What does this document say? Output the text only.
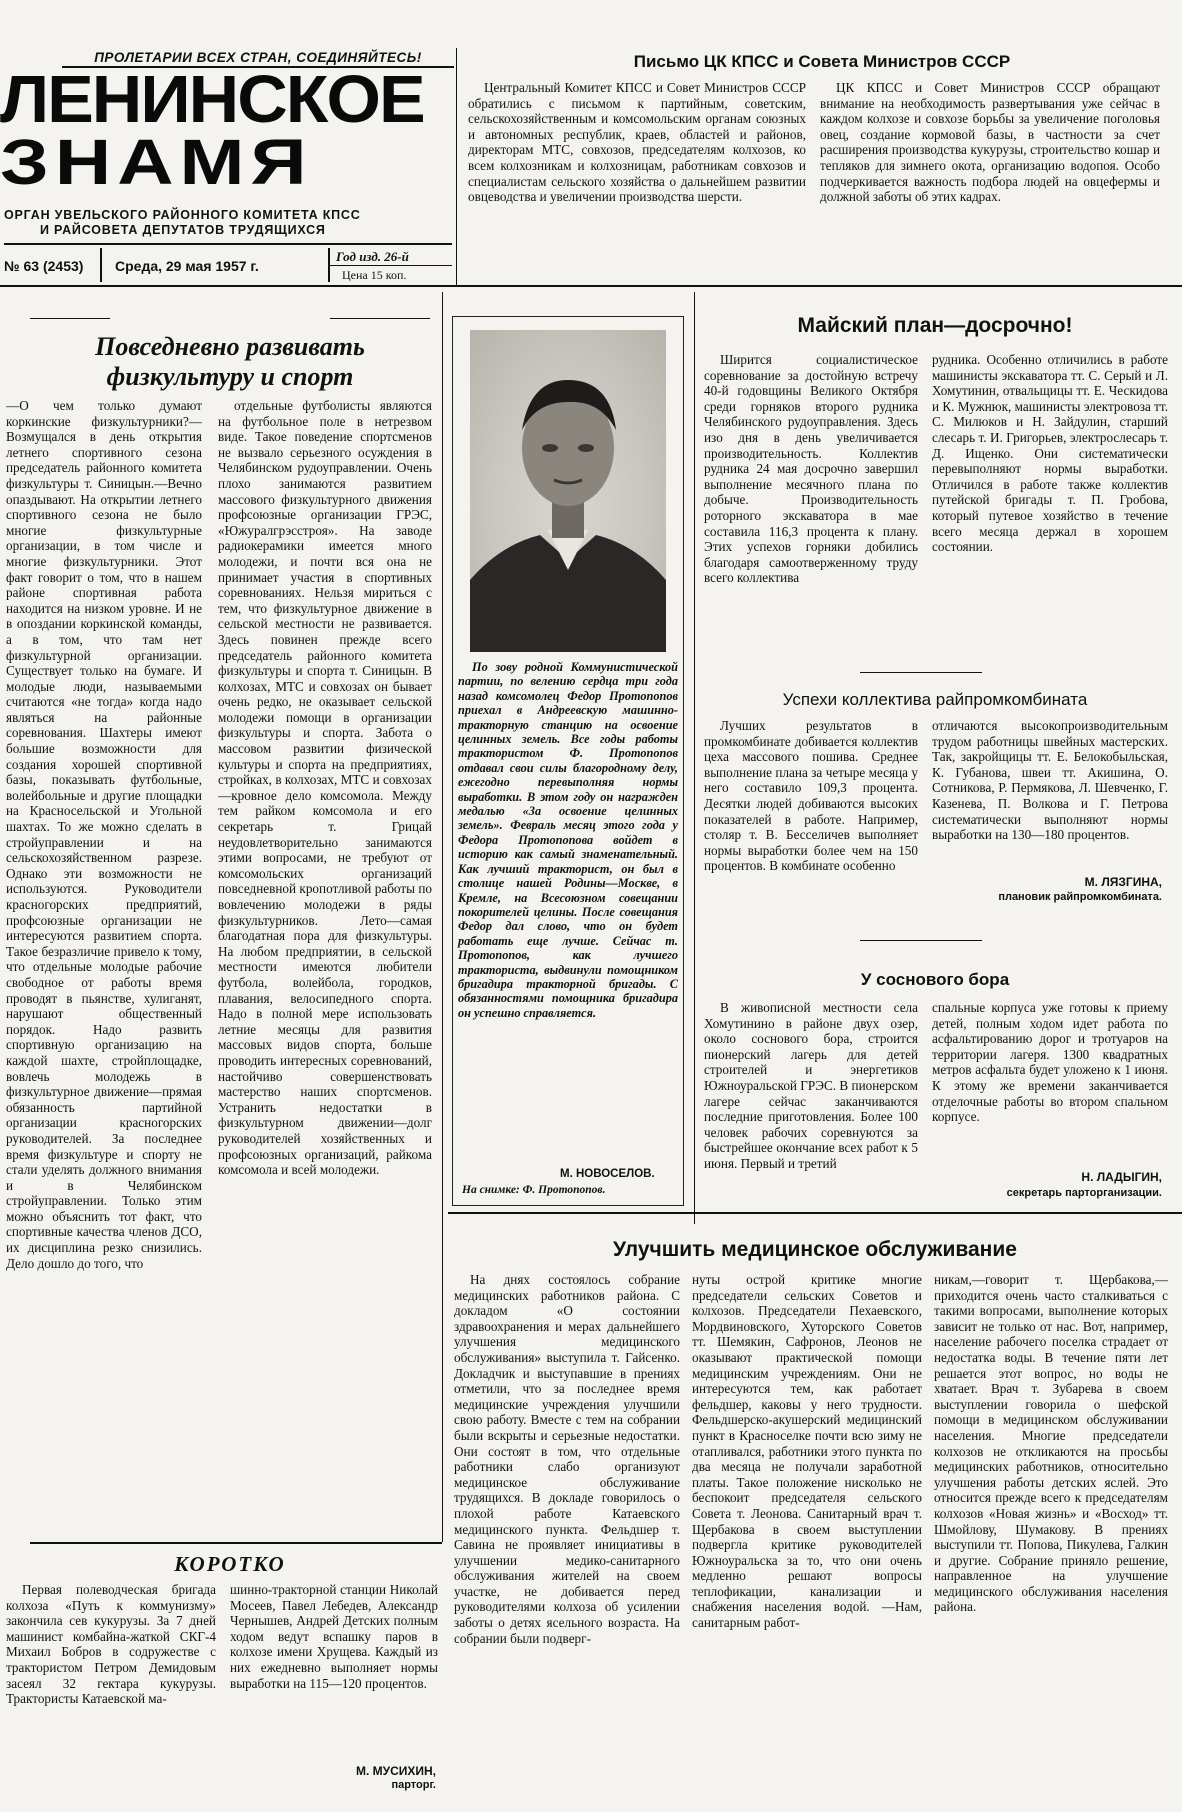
ПРОЛЕТАРИИ ВСЕХ СТРАН, СОЕДИНЯЙТЕСЬ!
ЛЕНИНСКОЕ
ЗНАМЯ
ОРГАН УВЕЛЬСКОГО РАЙОННОГО КОМИТЕТА КПСС
И РАЙСОВЕТА ДЕПУТАТОВ ТРУДЯЩИХСЯ
№ 63 (2453) Среда, 29 мая 1957 г.
Год изд. 26-й
Цена 15 коп.
Письмо ЦК КПСС и Совета Министров СССР
Центральный Комитет КПСС и Совет Министров СССР обратились с письмом к партийным, советским, сельскохозяйственным и комсомольским органам союзных и автономных республик, краев, областей и районов, директорам МТС, совхозов, председателям колхозов, ко всем колхозникам и колхозницам, работникам совхозов и специалистам сельского хозяйства о дальнейшем развитии овцеводства и увеличении производства шерсти.
ЦК КПСС и Совет Министров СССР обращают внимание на необходимость развертывания уже сейчас в каждом колхозе и совхозе борьбы за увеличение поголовья овец, создание кормовой базы, в частности за счет расширения производства кукурузы, строительство кошар и тепляков для зимнего окота, организацию водопоя. Особо подчеркивается важность подбора людей на овцефермы и должной заботы об этих кадрах.
Повседневно развивать
физкультуру и спорт
—О чем только думают коркинские физкультурники?—Возмущался в день открытия летнего спортивного сезона председатель районного комитета физкультуры т. Синицын.—Вечно опаздывают. На открытии летнего спортивного сезона не было многие физкультурные организации, в том числе и многие физкультурники. Этот факт говорит о том, что в нашем районе спортивная работа находится на низком уровне. И не в опоздании коркинской команды, а в том, что там нет физкультурной организации. Существует только на бумаге. И молодые люди, называемыми считаются «не тогда» когда надо являться на районные соревнования. Шахтеры имеют большие возможности для создания хорошей спортивной базы, показывать футбольные, волейбольные и другие площадки на Красносельской и Угольной шахтах. То же можно сделать в стройуправлении и на сельскохозяйственном разрезе. Однако эти возможности не используются. Руководители красногорских предприятий, профсоюзные организации не интересуются развитием спорта. Такое безразличие привело к тому, что отдельные молодые рабочие свободное от работы время проводят в пьянстве, хулиганят, нарушают общественный порядок. Надо развить спортивную организацию на каждой шахте, стройплощадке, вовлечь молодежь в физкультурное движение—прямая обязанность партийной организации красногорских руководителей. За последнее время физкультуре и спорту не стали уделять должного внимания и в Челябинском стройуправлении. Только этим можно объяснить тот факт, что спортивные качества членов ДСО, их дисциплина резко снизились. Дело дошло до того, что
отдельные футболисты являются на футбольное поле в нетрезвом виде. Такое поведение спортсменов не вызвало серьезного осуждения в Челябинском рудоуправлении. Очень плохо занимаются развитием массового физкультурного движения профсоюзные организации ГРЭС, «Южуралгрэсстроя». На заводе радиокерамики имеется много молодежи, и почти вся она не принимает участия в спортивных соревнованиях. Нельзя мириться с тем, что физкультурное движение в сельской местности не развивается. Здесь повинен прежде всего председатель районного комитета физкультуры и спорта т. Синицын. В колхозах, МТС и совхозах он бывает очень редко, не оказывает сельской молодежи помощи в организации физкультуры и спорта. Забота о массовом развитии физической культуры и спорта на предприятиях, стройках, в колхозах, МТС и совхозах—кровное дело комсомола. Между тем райком комсомола и его секретарь т. Грицай неудовлетворительно занимаются этими вопросами, не требуют от комсомольских организаций повседневной кропотливой работы по вовлечению молодежи в ряды физкультурников. Лето—самая благодатная пора для физкультуры. На любом предприятии, в сельской местности имеются любители футбола, волейбола, городков, плавания, велосипедного спорта. Надо в полной мере использовать летние месяцы для развития массовых видов спорта, больше проводить интересных соревнований, настойчиво совершенствовать мастерство наших спортсменов. Устранить недостатки в физкультурном движении—долг руководителей хозяйственных и профсоюзных организаций, райкома комсомола и всей молодежи.
По зову родной Коммунистической партии, по велению сердца три года назад комсомолец Федор Протопопов приехал в Андреевскую машинно-тракторную станцию на освоение целинных земель. Все годы работы трактористом Ф. Протопопов отдавал свои силы благородному делу, ежегодно перевыполняя нормы выработки. В этом году он награжден медалью «За освоение целинных земель». Февраль месяц этого года у Федора Протопопова войдет в историю как самый знаменательный. Как лучший тракторист, он был в столице нашей Родины—Москве, в Кремле, на Всесоюзном совещании покорителей целины. После совещания Федор дал слово, что он будет работать еще лучше. Сейчас т. Протопопов, как лучшего тракториста, выдвинули помощником бригадира тракторной бригады. С обязанностями помощника бригадира он успешно справляется.
М. НОВОСЕЛОВ.
На снимке: Ф. Протопопов.
Майский план—досрочно!
Ширится социалистическое соревнование за достойную встречу 40-й годовщины Великого Октября среди горняков второго рудника Челябинского рудоуправления. Здесь изо дня в день увеличивается производительность. Коллектив рудника 24 мая досрочно завершил выполнение месячного плана по добыче. Производительность роторного экскаватора в мае составила 116,3 процента к плану. Этих успехов горняки добились благодаря самоотверженному труду всего коллектива
рудника. Особенно отличились в работе машинисты экскаватора тт. С. Серый и Л. Хомутинин, отвальщицы тт. Е. Ческидова и К. Мужнюк, машинисты электровоза тт. С. Милюков и Н. Зайдулин, старший слесарь т. И. Григорьев, электрослесарь т. Д. Ищенко. Они систематически перевыполняют нормы выработки. Отличился в работе также коллектив путейской бригады т. П. Гробова, который путевое хозяйство в течение всего месяца держал в хорошем состоянии.
Успехи коллектива райпромкомбината
Лучших результатов в промкомбинате добивается коллектив цеха массового пошива. Среднее выполнение плана за четыре месяца у него составило 109,3 процента. Десятки людей добиваются высоких показателей в работе. Например, столяр т. В. Бесселичев выполняет нормы выработки более чем на 150 процентов. В комбинате особенно
отличаются высокопроизводительным трудом работницы швейных мастерских. Так, закройщицы тт. Е. Белокобыльская, К. Губанова, швеи тт. Акишина, О. Сотникова, Р. Пермякова, Л. Шевченко, Г. Казенева, П. Волкова и Г. Петрова систематически выполняют нормы выработки на 130—180 процентов.
М. ЛЯЗГИНА,
плановик райпромкомбината.
У соснового бора
В живописной местности села Хомутинино в районе двух озер, около соснового бора, строится пионерский лагерь для детей строителей и энергетиков Южноуральской ГРЭС. В пионерском лагере сейчас заканчиваются последние приготовления. Более 100 человек рабочих соревнуются за быстрейшее окончание всех работ к 5 июня. Первый и третий
спальные корпуса уже готовы к приему детей, полным ходом идет работа по асфальтированию дорог и тротуаров на территории лагеря. 1300 квадратных метров асфальта будет уложено к 1 июня. К этому же времени заканчивается отделочные работы во втором спальном корпусе.
Н. ЛАДЫГИН,
секретарь парторганизации.
Улучшить медицинское обслуживание
На днях состоялось собрание медицинских работников района. С докладом «О состоянии здравоохранения и мерах дальнейшего улучшения медицинского обслуживания» выступила т. Гайсенко. Докладчик и выступавшие в прениях отметили, что за последнее время медицинские учреждения улучшили свою работу. Вместе с тем на собрании были вскрыты и серьезные недостатки. Они состоят в том, что отдельные работники слабо организуют медицинское обслуживание трудящихся. В докладе говорилось о плохой работе Катаевского медицинского пункта. Фельдшер т. Савина не проявляет инициативы в улучшении медико-санитарного обслуживания жителей на своем участке, не добивается перед руководителями колхоза об усилении заботы о детях ясельного возраста. На собрании были подверг-
нуты острой критике многие председатели сельских Советов и колхозов. Председатели Пехаевского, Мордвиновского, Хуторского Советов тт. Шемякин, Сафронов, Леонов не оказывают практической помощи медицинским учреждениям. Они не интересуются тем, как работает фельдшер, каковы у него трудности. Фельдшерско-акушерский медицинский пункт в Красноселке почти всю зиму не отапливался, работники этого пункта по два месяца не получали заработной платы. Такое положение нисколько не беспокоит председателя сельского Совета т. Леонова. Санитарный врач т. Щербакова в своем выступлении подвергла критике руководителей Южноуральска за то, что они очень медленно решают вопросы теплофикации, канализации и снабжения населения водой. —Нам, санитарным работ-
никам,—говорит т. Щербакова,—приходится очень часто сталкиваться с такими вопросами, выполнение которых зависит не только от нас. Вот, например, население рабочего поселка страдает от недостатка воды. В течение пяти лет решается этот вопрос, но воды не хватает. Врач т. Зубарева в своем выступлении говорила о шефской помощи в медицинском обслуживании населения. Многие председатели колхозов не откликаются на просьбы медицинских работников, относительно улучшения работы детских яслей. Это относится прежде всего к председателям колхозов «Новая жизнь» и «Восход» тт. Шмойлову, Шумакову. В прениях выступили тт. Попова, Пикулева, Галкин и другие. Собрание приняло решение, направленное на улучшение медицинского обслуживания населения района.
КОРОТКО
Первая полеводческая бригада колхоза «Путь к коммунизму» закончила сев кукурузы. За 7 дней машинист комбайна-жаткой СКГ-4 Михаил Бобров в содружестве с трактористом Петром Демидовым засеял 32 гектара кукурузы. Трактористы Катаевской ма-
шинно-тракторной станции Николай Мосеев, Павел Лебедев, Александр Чернышев, Андрей Детских полным ходом ведут вспашку паров в колхозе имени Хрущева. Каждый из них ежедневно выполняет нормы выработки на 115—120 процентов.
М. МУСИХИН,
парторг.
